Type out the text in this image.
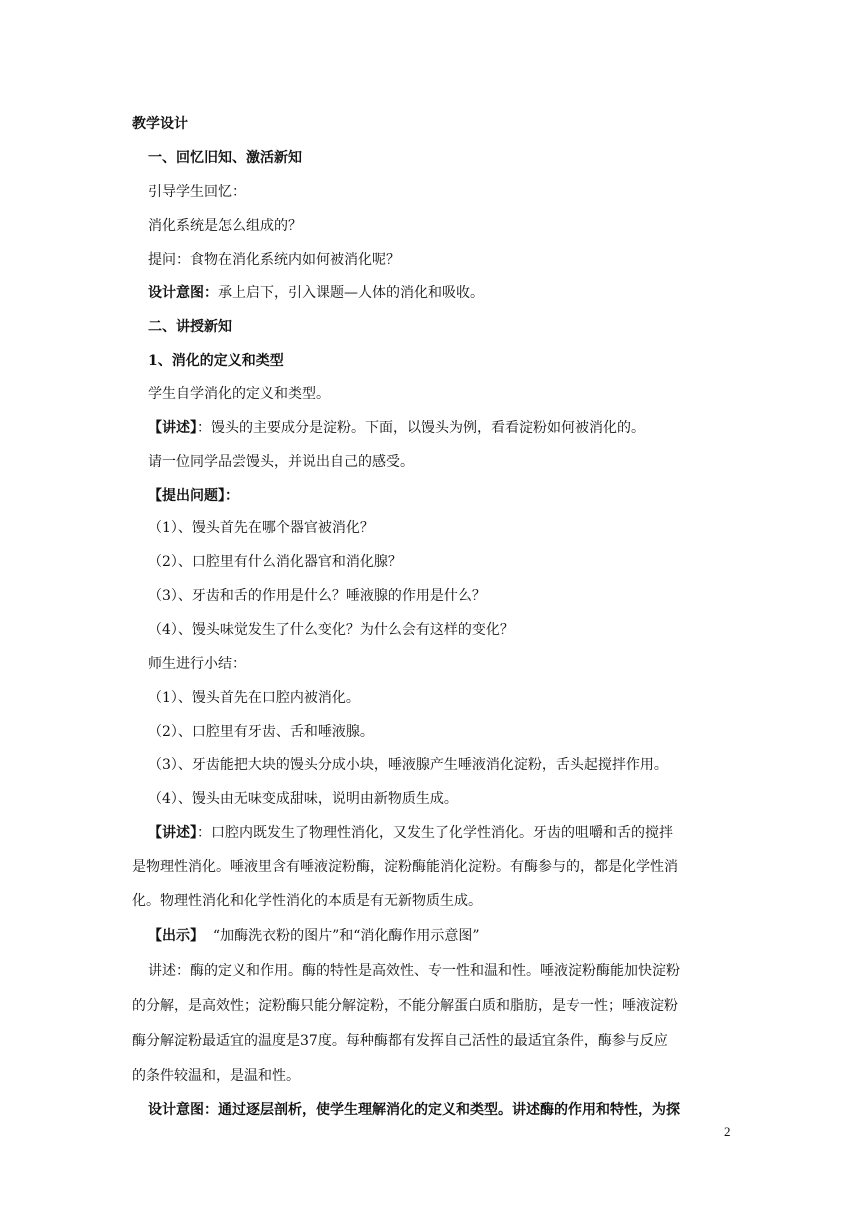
教学设计
一、回忆旧知、激活新知
引导学生回忆：
消化系统是怎么组成的？
提问：食物在消化系统内如何被消化呢？
设计意图：承上启下，引入课题—人体的消化和吸收。
二、讲授新知
1、消化的定义和类型
学生自学消化的定义和类型。
【讲述】：馒头的主要成分是淀粉。下面，以馒头为例，看看淀粉如何被消化的。
请一位同学品尝馒头，并说出自己的感受。
【提出问题】：
（1）、馒头首先在哪个器官被消化？
（2）、口腔里有什么消化器官和消化腺？
（3）、牙齿和舌的作用是什么？唾液腺的作用是什么？
（4）、馒头味觉发生了什么变化？为什么会有这样的变化？
师生进行小结：
（1）、馒头首先在口腔内被消化。
（2）、口腔里有牙齿、舌和唾液腺。
（3）、牙齿能把大块的馒头分成小块，唾液腺产生唾液消化淀粉，舌头起搅拌作用。
（4）、馒头由无味变成甜味，说明由新物质生成。
【讲述】：口腔内既发生了物理性消化，又发生了化学性消化。牙齿的咀嚼和舌的搅拌
是物理性消化。唾液里含有唾液淀粉酶，淀粉酶能消化淀粉。有酶参与的，都是化学性消
化。物理性消化和化学性消化的本质是有无新物质生成。
【出示】 “加酶洗衣粉的图片”和“消化酶作用示意图”
讲述：酶的定义和作用。酶的特性是高效性、专一性和温和性。唾液淀粉酶能加快淀粉
的分解，是高效性；淀粉酶只能分解淀粉，不能分解蛋白质和脂肪，是专一性；唾液淀粉
酶分解淀粉最适宜的温度是37度。每种酶都有发挥自己活性的最适宜条件，酶参与反应
的条件较温和，是温和性。
设计意图：通过逐层剖析，使学生理解消化的定义和类型。讲述酶的作用和特性，为探
2
